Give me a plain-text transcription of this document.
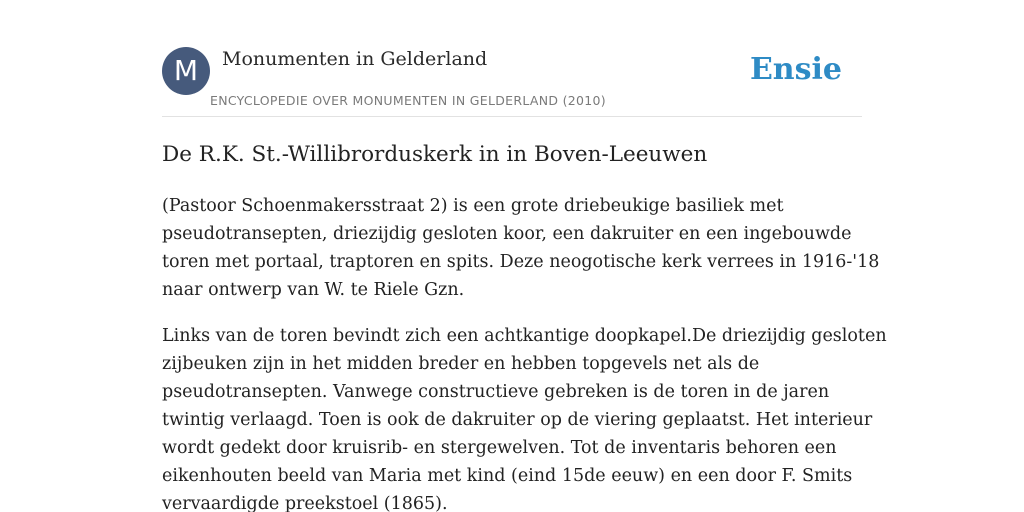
M	Monumenten in Gelderland
ENCYCLOPEDIE OVER MONUMENTEN IN GELDERLAND (2010)
Ensie
De R.K. St.-Willibrorduskerk in in Boven-Leeuwen

(Pastoor Schoenmakersstraat 2) is een grote driebeukige basiliek met
pseudotransepten, driezijdig gesloten koor, een dakruiter en een ingebouwde
toren met portaal, traptoren en spits. Deze neogotische kerk verrees in 1916-'18
naar ontwerp van W. te Riele Gzn.

Links van de toren bevindt zich een achtkantige doopkapel.De driezijdig gesloten
zijbeuken zijn in het midden breder en hebben topgevels net als de
pseudotransepten. Vanwege constructieve gebreken is de toren in de jaren
twintig verlaagd. Toen is ook de dakruiter op de viering geplaatst. Het interieur
wordt gedekt door kruisrib- en stergewelven. Tot de inventaris behoren een
eikenhouten beeld van Maria met kind (eind 15de eeuw) en een door F. Smits
vervaardigde preekstoel (1865).
